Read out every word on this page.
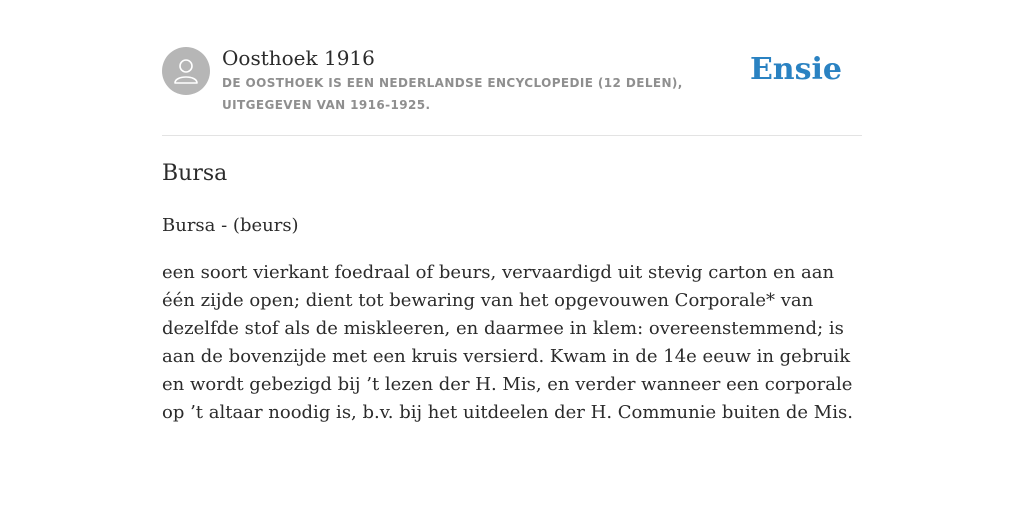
Oosthoek 1916
DE OOSTHOEK IS EEN NEDERLANDSE ENCYCLOPEDIE (12 DELEN), UITGEGEVEN VAN 1916-1925.
Ensie
Bursa
Bursa - (beurs)

een soort vierkant foedraal of beurs, vervaardigd uit stevig carton en aan één zijde open; dient tot bewaring van het opgevouwen Corporale* van dezelfde stof als de miskleeren, en daarmee in klem: overeenstemmend; is aan de bovenzijde met een kruis versierd. Kwam in de 14e eeuw in gebruik en wordt gebezigd bij ’t lezen der H. Mis, en verder wanneer een corporale op ’t altaar noodig is, b.v. bij het uitdeelen der H. Communie buiten de Mis.
